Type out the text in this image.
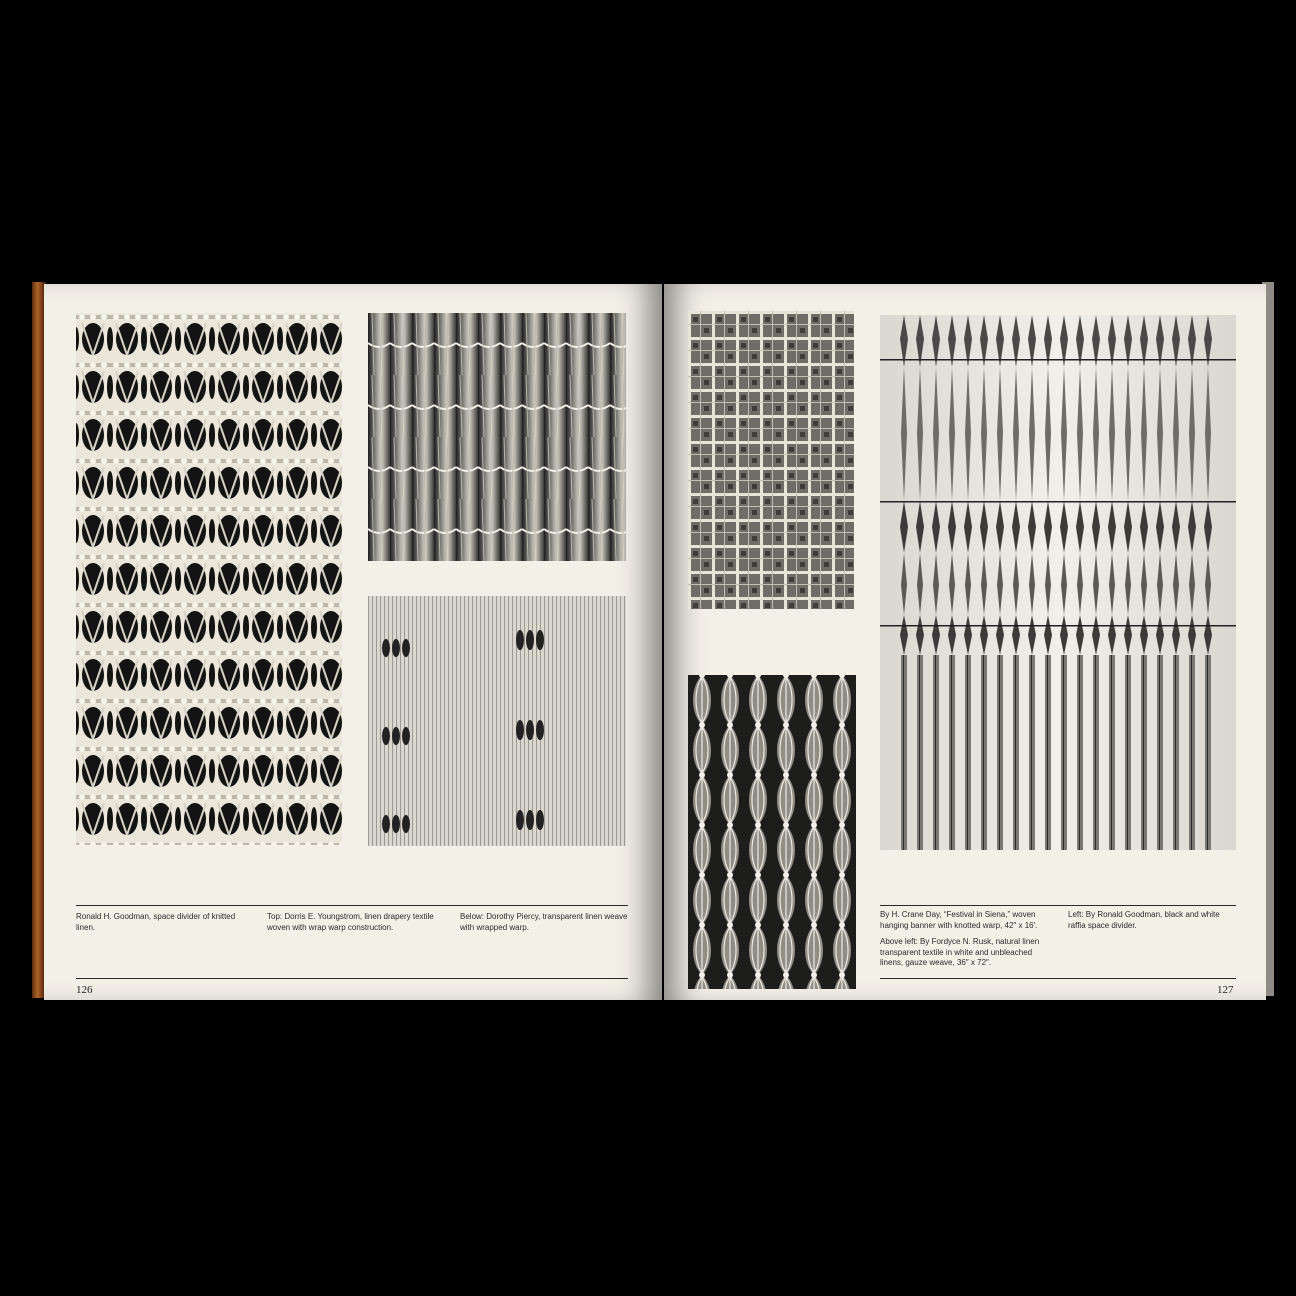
Ronald H. Goodman, space divider of knitted linen.
Top: Dorris E. Youngstrom, linen drapery textile woven with wrap warp construction.
Below: Dorothy Piercy, transparent linen weave with wrapped warp.
126

By H. Crane Day, “Festival in Siena,” woven hanging banner with knotted warp, 42″ x 16′.

Above left: By Fordyce N. Rusk, natural linen transparent textile in white and unbleached linens, gauze weave, 36″ x 72″.

Left: By Ronald Goodman, black and white raffia space divider.
127
